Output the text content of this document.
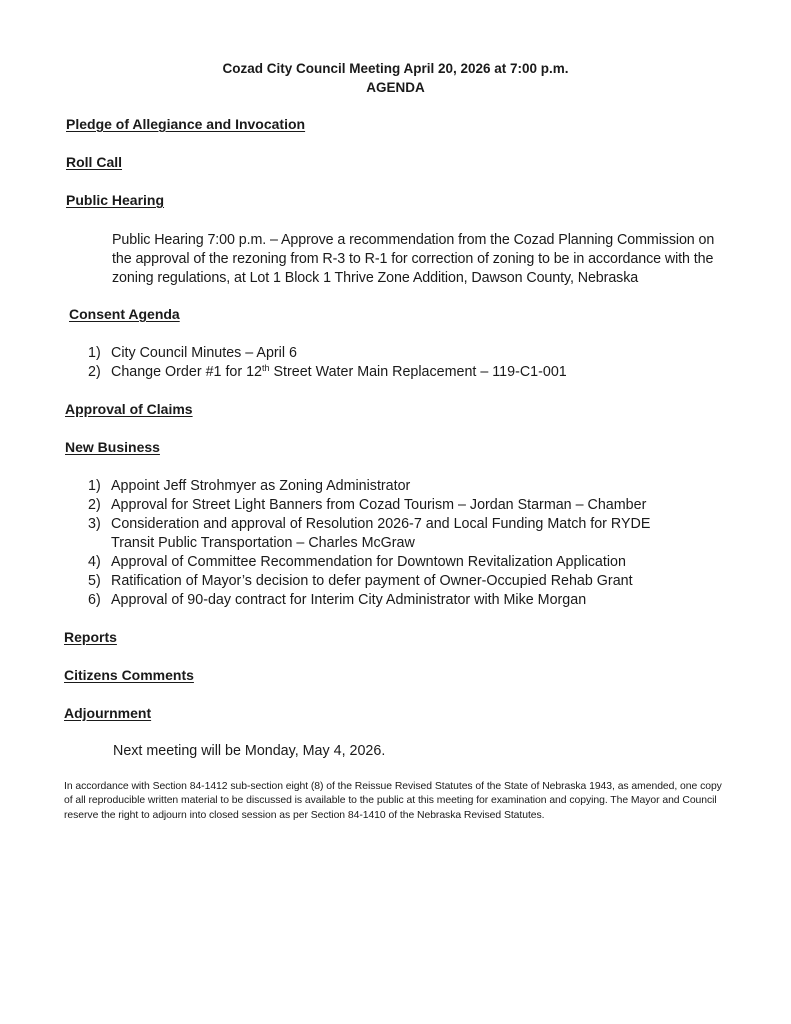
Cozad City Council Meeting April 20, 2026 at 7:00 p.m.
AGENDA
Pledge of Allegiance and Invocation
Roll Call
Public Hearing
Public Hearing 7:00 p.m. – Approve a recommendation from the Cozad Planning Commission on the approval of the rezoning from R-3 to R-1 for correction of zoning to be in accordance with the zoning regulations, at Lot 1 Block 1 Thrive Zone Addition, Dawson County, Nebraska
Consent Agenda
1) City Council Minutes – April 6
2) Change Order #1 for 12th Street Water Main Replacement – 119-C1-001
Approval of Claims
New Business
1) Appoint Jeff Strohmyer as Zoning Administrator
2) Approval for Street Light Banners from Cozad Tourism – Jordan Starman – Chamber
3) Consideration and approval of Resolution 2026-7 and Local Funding Match for RYDE Transit Public Transportation – Charles McGraw
4) Approval of Committee Recommendation for Downtown Revitalization Application
5) Ratification of Mayor’s decision to defer payment of Owner-Occupied Rehab Grant
6) Approval of 90-day contract for Interim City Administrator with Mike Morgan
Reports
Citizens Comments
Adjournment
Next meeting will be Monday, May 4, 2026.
In accordance with Section 84-1412 sub-section eight (8) of the Reissue Revised Statutes of the State of Nebraska 1943, as amended, one copy of all reproducible written material to be discussed is available to the public at this meeting for examination and copying. The Mayor and Council reserve the right to adjourn into closed session as per Section 84-1410 of the Nebraska Revised Statutes.
